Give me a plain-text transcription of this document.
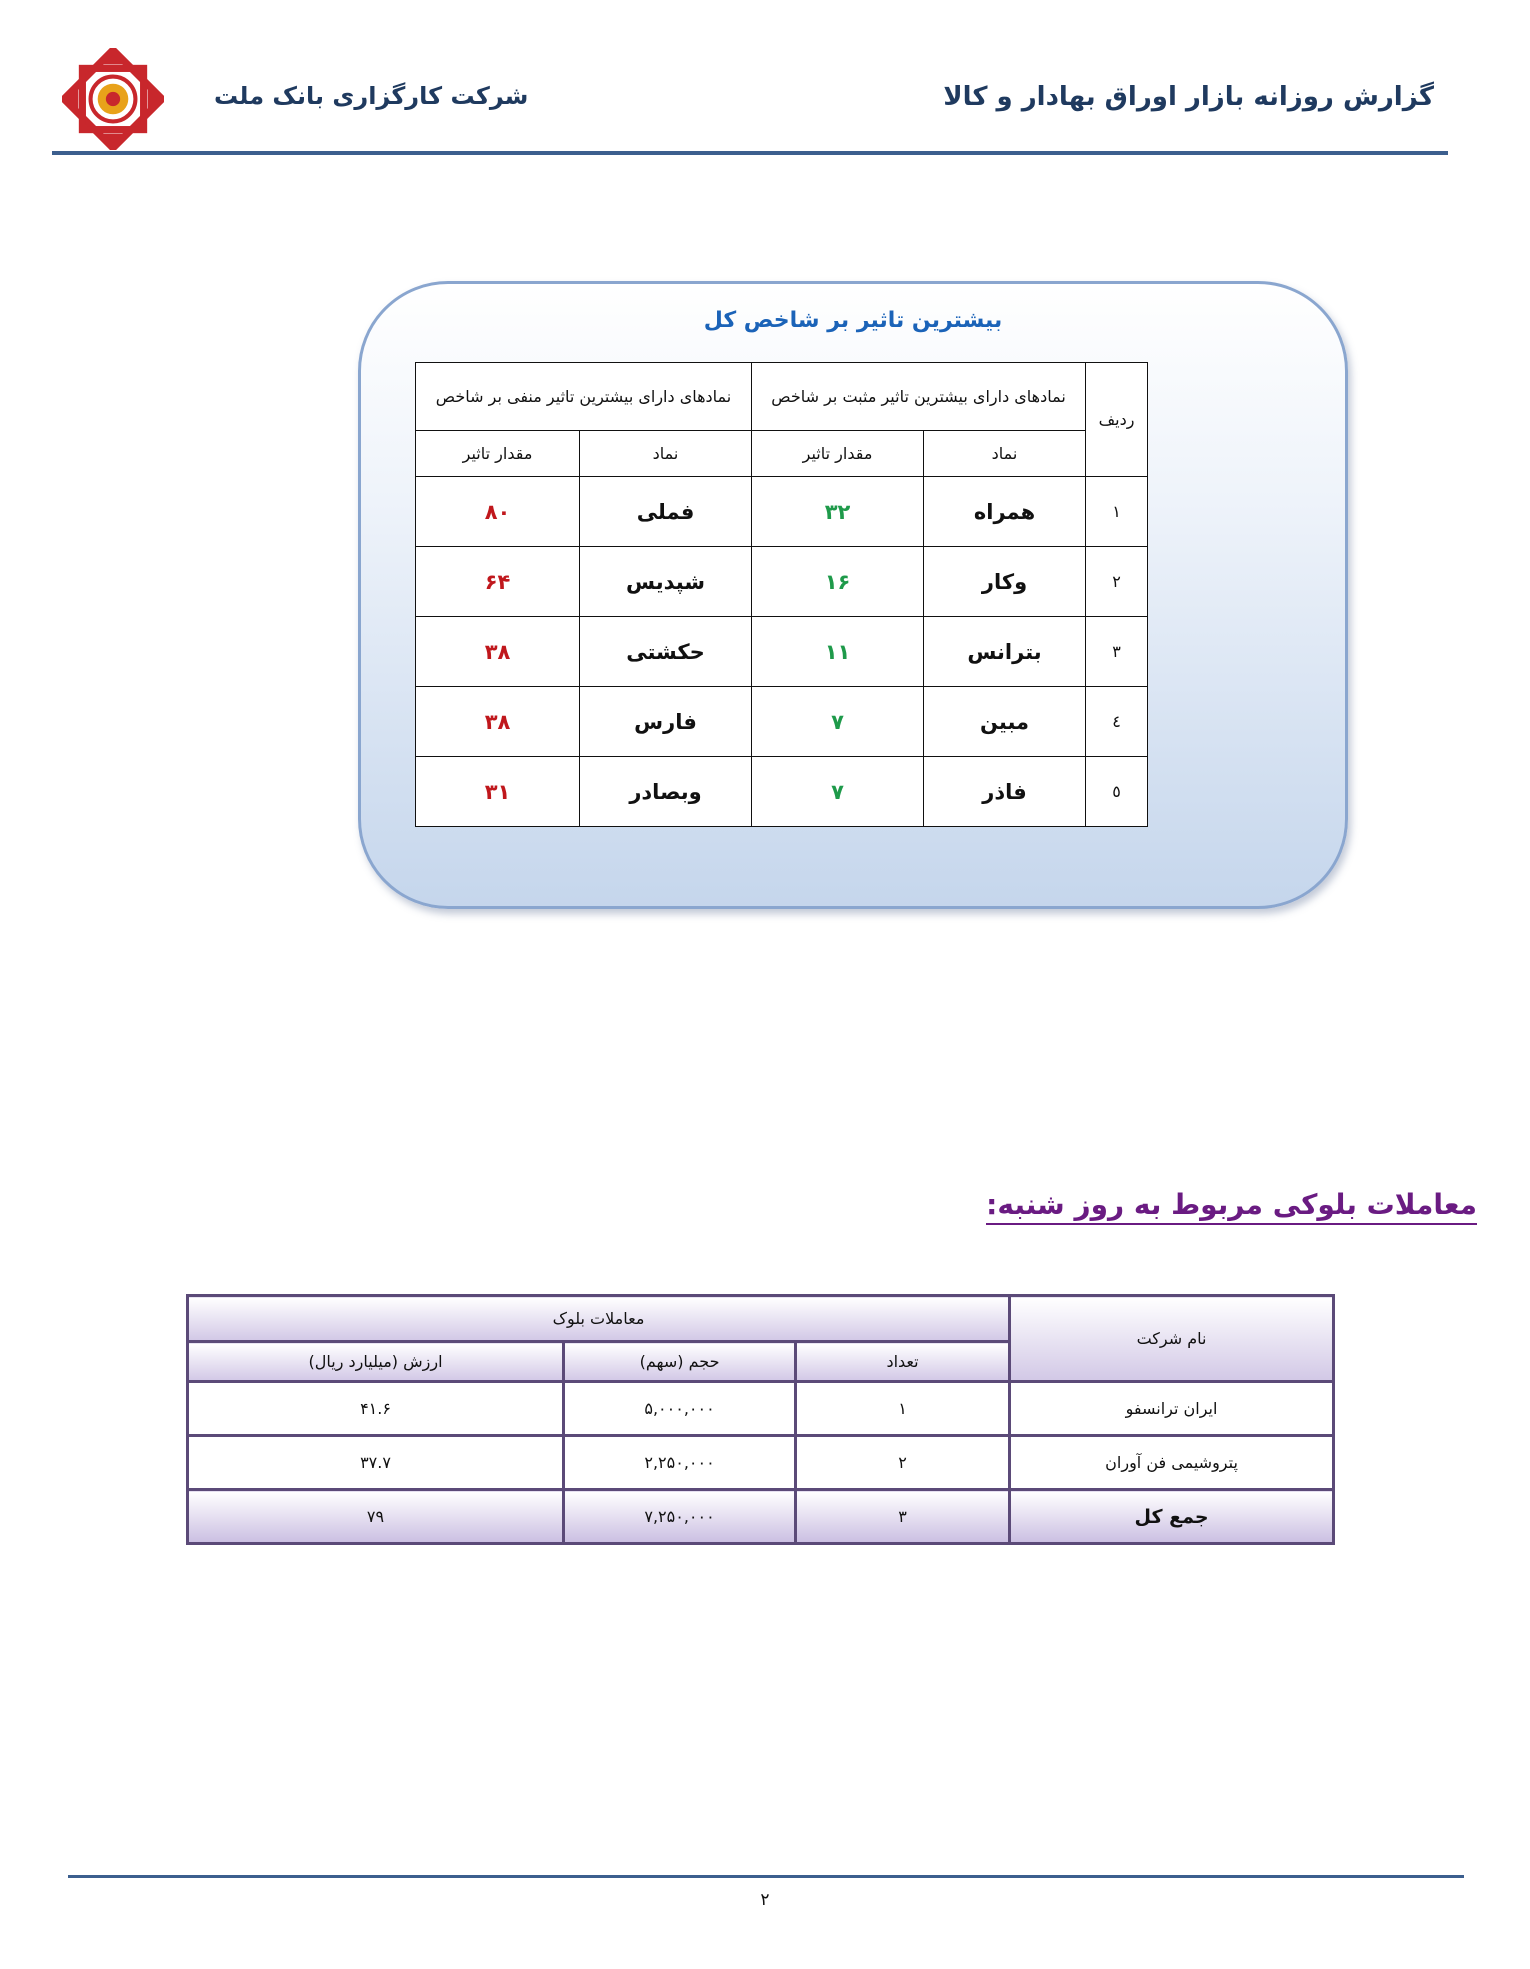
گزارش روزانه بازار اوراق بهادار و کالا
شرکت کارگزاری بانک ملت
بیشترین تاثیر بر شاخص کل
ردیف	نمادهای دارای بیشترین تاثیر مثبت بر شاخص		نمادهای دارای بیشترین تاثیر منفی بر شاخص	
	نماد	مقدار تاثیر	نماد	مقدار تاثیر
۱	همراه	۳۲	فملی	۸۰
۲	وکار	۱۶	شپدیس	۶۴
۳	بترانس	۱۱	حکشتی	۳۸
٤	مبین	۷	فارس	۳۸
٥	فاذر	۷	وبصادر	۳۱
معاملات بلوکی مربوط به روز شنبه:
نام شرکت	معاملات بلوک		
	تعداد	حجم (سهم)	ارزش (میلیارد ریال)
ایران ترانسفو	۱	۵,۰۰۰,۰۰۰	۴۱.۶
پتروشیمی فن آوران	۲	۲,۲۵۰,۰۰۰	۳۷.۷
جمع کل	۳	۷,۲۵۰,۰۰۰	۷۹
۲
